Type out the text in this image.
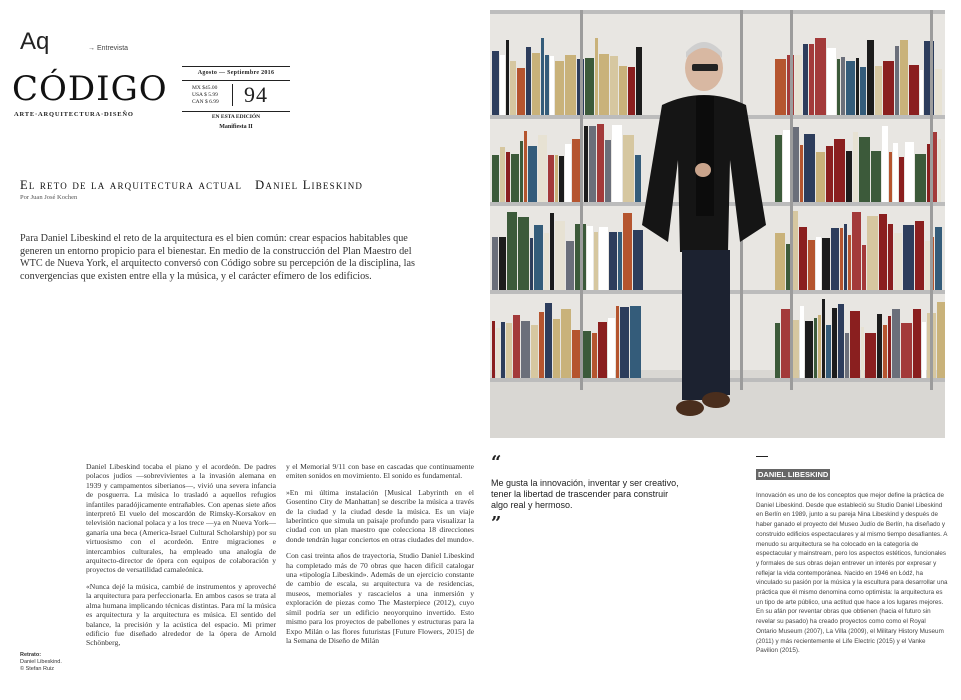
Aq	→ Entrevista
CÓDIGO
ARTE·ARQUITECTURA·DISEÑO
Agosto — Septiembre 2016
MX $45.00
USA $ 5.99
CAN $ 6.99 94
EN ESTA EDICIÓN
Manifiesta II
El reto de la arquitectura actual   Daniel Libeskind
Por Juan José Kochen
Para Daniel Libeskind el reto de la arquitectura es el bien común: crear espacios habitables que generen un entorno propicio para el bienestar. En medio de la construcción del Plan Maestro del WTC de Nueva York, el arquitecto conversó con Código sobre su percepción de la disciplina, las convergencias que existen entre ella y la música, y el carácter efímero de los edificios.

Daniel Libeskind tocaba el piano y el acordeón. De padres polacos judíos —sobrevivientes a la invasión alemana en 1939 y campamentos siberianos—, vivió una severa infancia de posguerra. La música lo trasladó a aquellos refugios infantiles paradójicamente entrañables. Con apenas siete años interpretó El vuelo del moscardón de Rimsky-Korsakov en televisión nacional polaca y a los trece —ya en Nueva York— ganaría una beca (America-Israel Cultural Scholarship) por su virtuosismo con el acordeón. Entre migraciones e intercambios culturales, ha empleado una analogía de arquitecto-director de ópera con equipos de colaboración y proyectos de versatilidad camaleónica.

«Nunca dejé la música, cambié de instrumentos y aproveché la arquitectura para perfeccionarla. En ambos casos se trata al alma humana implicando técnicas distintas. Para mí la música es arquitectura y la arquitectura es música. El sentido del balance, la precisión y la acústica del espacio. Mi primer edificio fue diseñado alrededor de la ópera de Arnold Schönberg,

y el Memorial 9/11 con base en cascadas que continuamente emiten sonidos en movimiento. El sonido es fundamental.

»En mi última instalación [Musical Labyrinth en el Gosentino City de Manhattan] se describe la música a través de la ciudad y la ciudad desde la música. Es un viaje laberíntico que simula un paisaje profundo para visualizar la ciudad con un plan maestro que colecciona 18 direcciones donde tendrán lugar conciertos en otras ciudades del mundo».

Con casi treinta años de trayectoria, Studio Daniel Libeskind ha completado más de 70 obras que hacen difícil catalogar una «tipología Libeskind». Además de un ejercicio constante de cambio de escala, su arquitectura va de residencias, museos, memoriales y rascacielos a una inmersión y exploración de piezas como The Masterpiece (2012), cuyo símil podría ser un edificio neoyorquino invertido. Esto mismo para los proyectos de pabellones y estructuras para la Expo Milán o las flores futuristas [Future Flowers, 2015] de la Semana de Diseño de Milán

Retrato:
Daniel Libeskind.
© Stefan Ruiz
“
Me gusta la innovación, inventar y ser creativo, tener la libertad de trascender para construir algo real y hermoso.
”
DANIEL LIBESKIND
Innovación es uno de los conceptos que mejor define la práctica de Daniel Libeskind. Desde que estableció su Studio Daniel Libeskind en Berlín en 1989, junto a su pareja Nina Libeskind y después de haber ganado el proyecto del Museo Judío de Berlín, ha diseñado y construido edificios espectaculares y al mismo tiempo desafiantes. A menudo su arquitectura se ha colocado en la categoría de espectacular y mainstream, pero los aspectos estéticos, funcionales y formales de sus obras dejan entrever un interés por expresar y reflejar la vida contemporánea. Nacido en 1946 en Łódź, ha vinculado su pasión por la música y la escultura para desarrollar una práctica que él mismo denomina como optimista: la arquitectura es un tipo de arte público, una actitud que hace a los lugares mejores. En su afán por reventar obras que obtienen (hacia el futuro sin revelar su pasado) ha creado proyectos como como el Royal Ontario Museum (2007), La Villa (2009), el Military History Museum (2011) y más recientemente el Life Electric (2015) y el Vanke Pavilion (2015).
